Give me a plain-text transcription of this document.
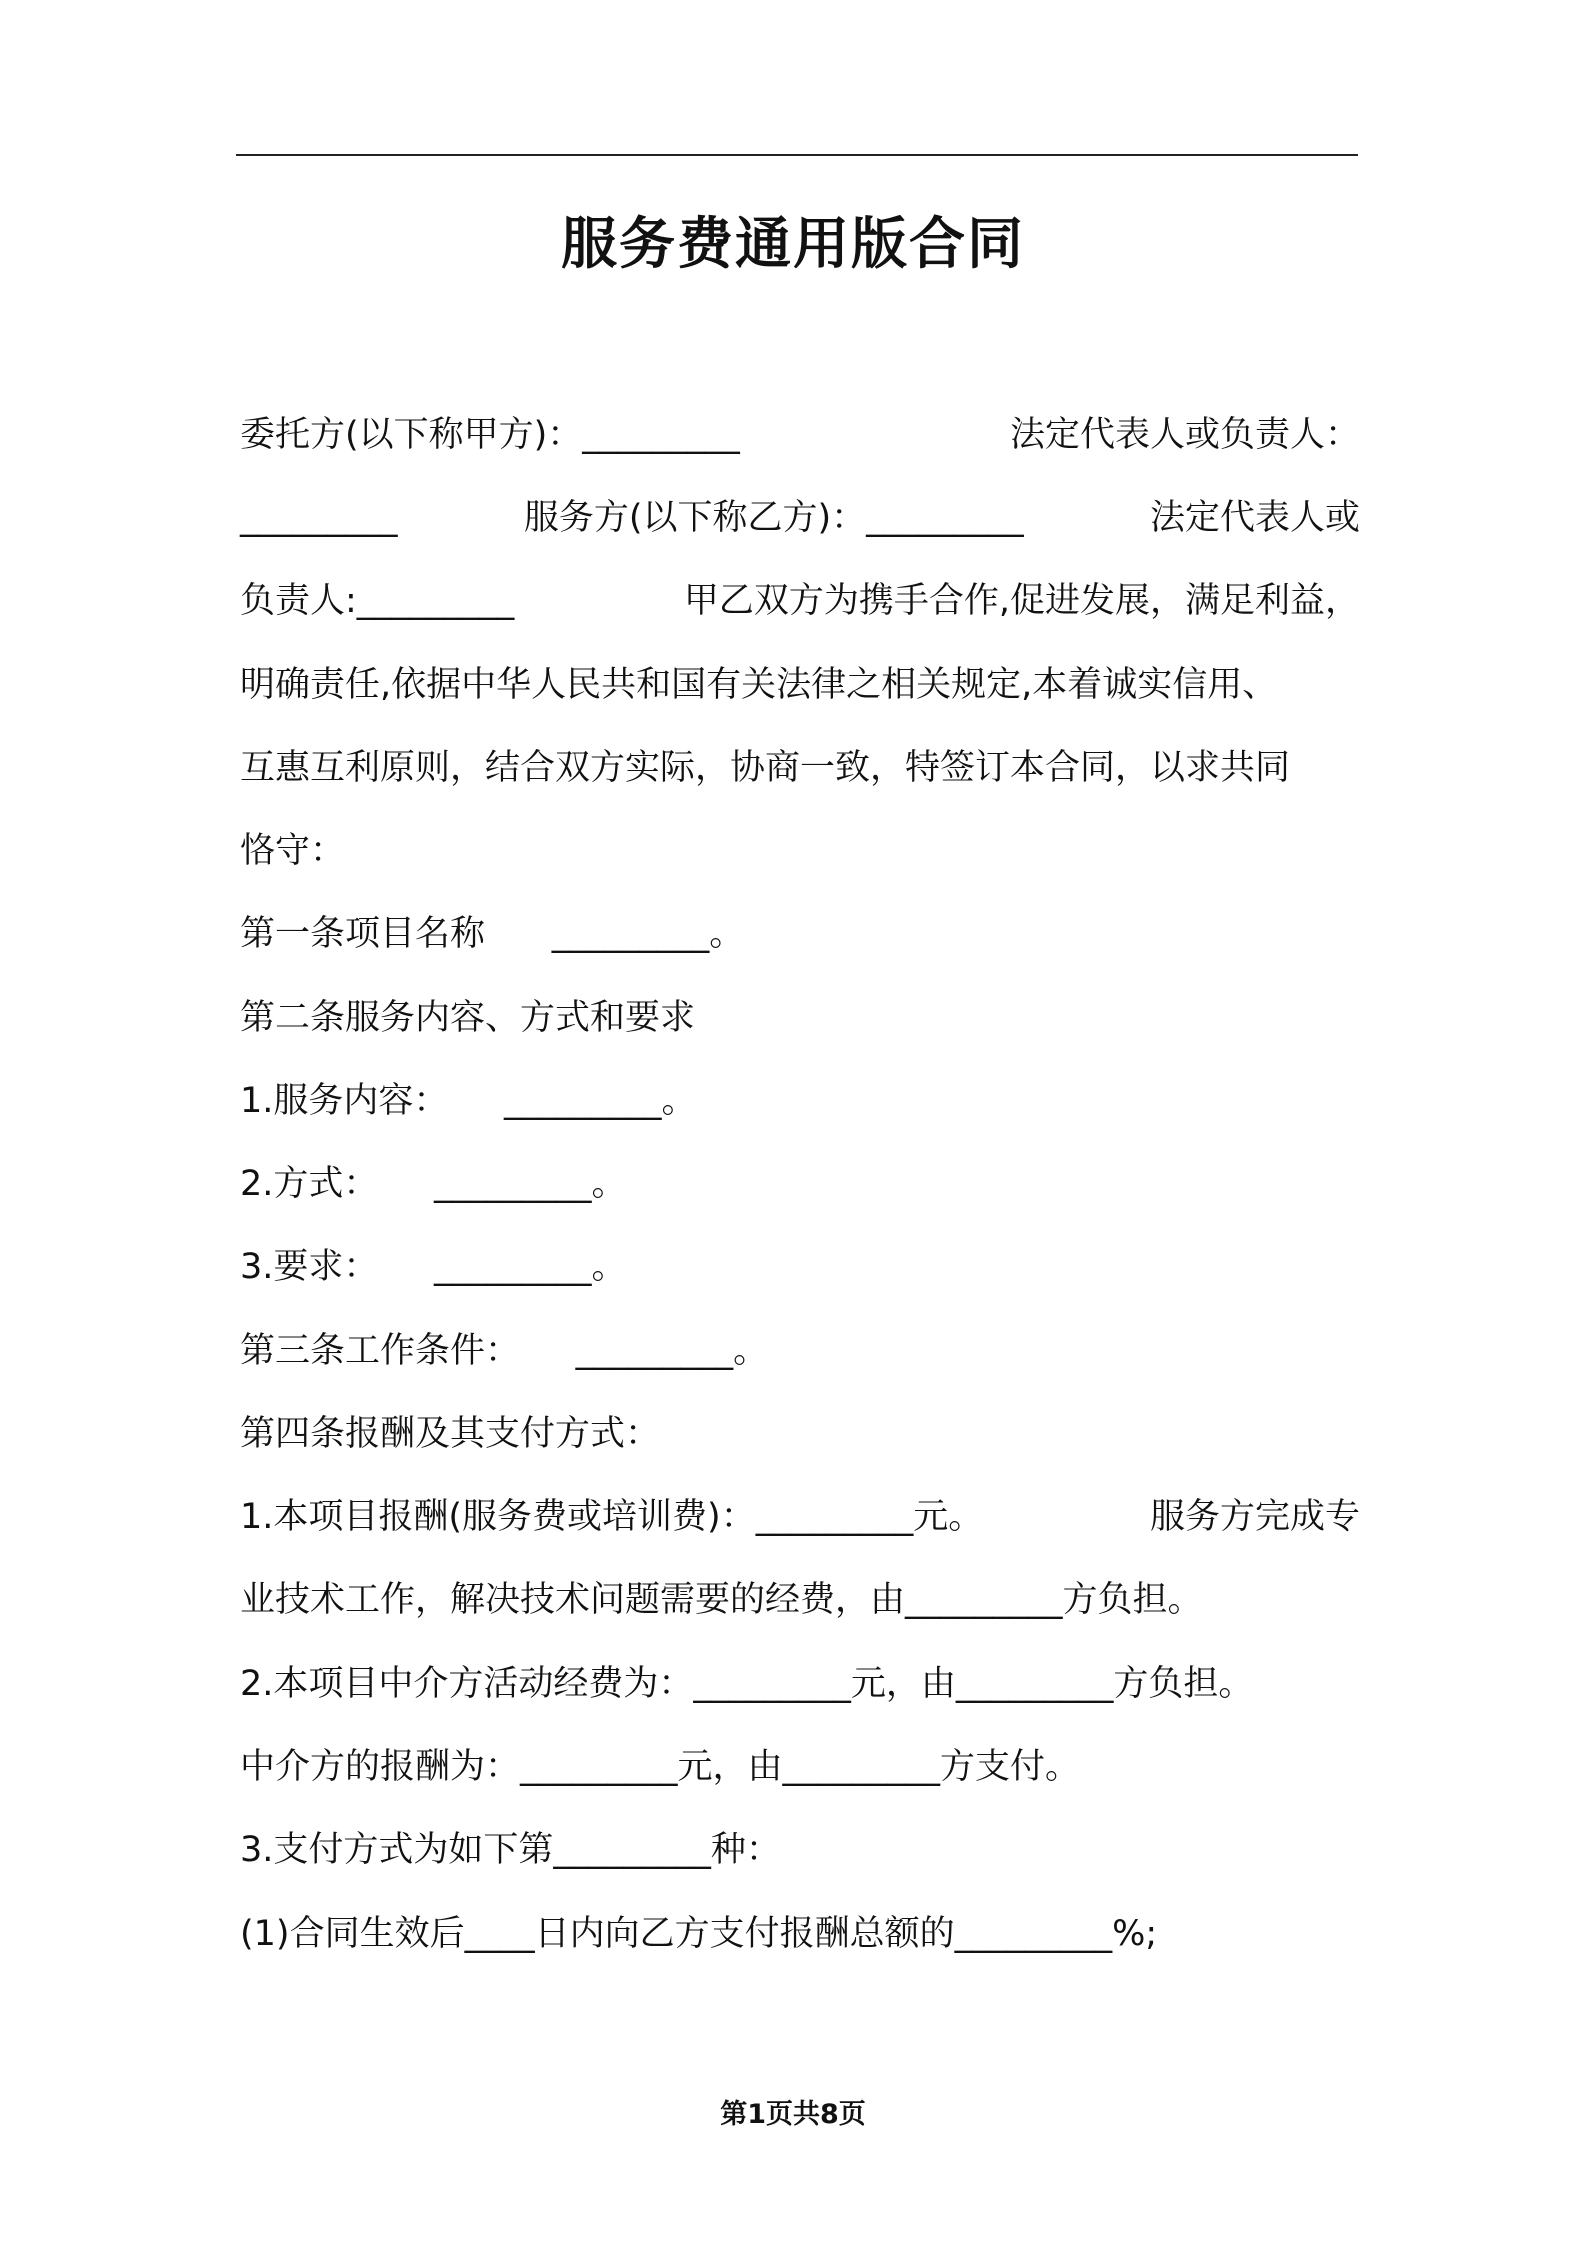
服务费通用版合同
委托方(以下称甲方)：_________	法定代表人或负责人：
_________	服务方(以下称乙方)：_________	法定代表人或
负责人:_________	甲乙双方为携手合作,促进发展，满足利益，
明确责任,依据中华人民共和国有关法律之相关规定,本着诚实信用、
互惠互利原则，结合双方实际，协商一致，特签订本合同，以求共同
恪守：
第一条项目名称      _________。
第二条服务内容、方式和要求
1.服务内容：     _________。
2.方式：     _________。
3.要求：     _________。
第三条工作条件：     _________。
第四条报酬及其支付方式：
1.本项目报酬(服务费或培训费)：_________元。	服务方完成专
业技术工作，解决技术问题需要的经费，由_________方负担。
2.本项目中介方活动经费为：_________元，由_________方负担。
中介方的报酬为：_________元，由_________方支付。
3.支付方式为如下第_________种：
(1)合同生效后____日内向乙方支付报酬总额的_________%;
第1页共8页
